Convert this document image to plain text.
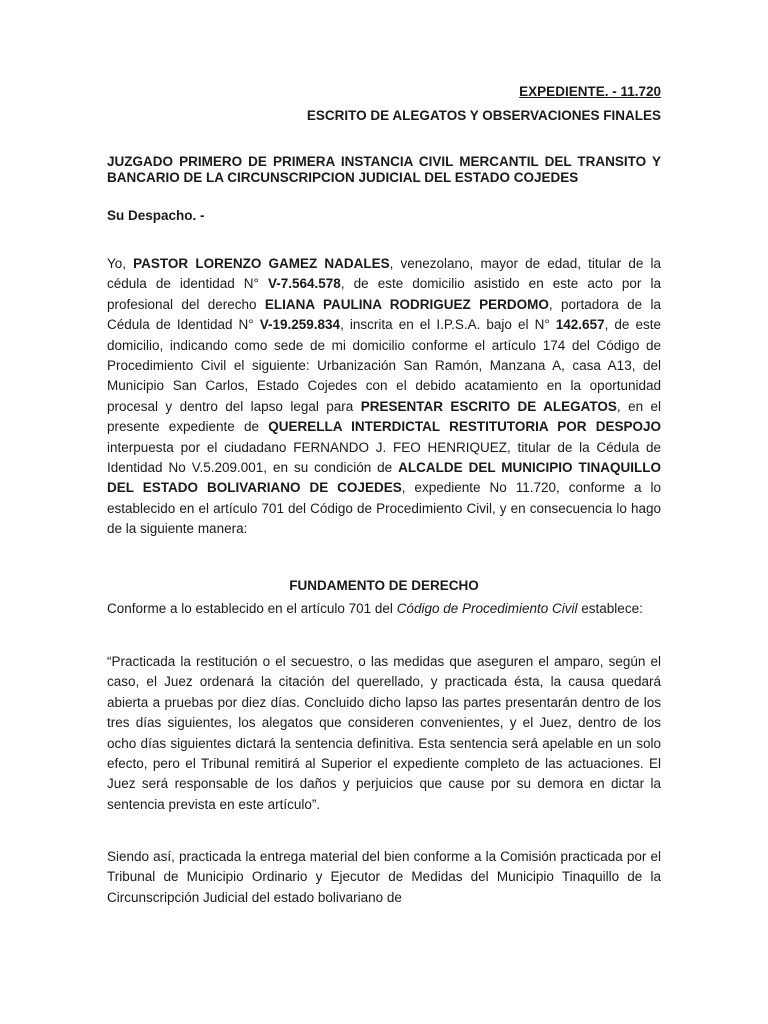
EXPEDIENTE. - 11.720
ESCRITO DE ALEGATOS Y OBSERVACIONES FINALES
JUZGADO PRIMERO DE PRIMERA INSTANCIA CIVIL MERCANTIL DEL TRANSITO Y BANCARIO DE LA CIRCUNSCRIPCION JUDICIAL DEL ESTADO COJEDES
Su Despacho. -
Yo, PASTOR LORENZO GAMEZ NADALES, venezolano, mayor de edad, titular de la cédula de identidad N° V-7.564.578, de este domicilio asistido en este acto por la profesional del derecho ELIANA PAULINA RODRIGUEZ PERDOMO, portadora de la Cédula de Identidad N° V-19.259.834, inscrita en el I.P.S.A. bajo el N° 142.657, de este domicilio, indicando como sede de mi domicilio conforme el artículo 174 del Código de Procedimiento Civil el siguiente: Urbanización San Ramón, Manzana A, casa A13, del Municipio San Carlos, Estado Cojedes con el debido acatamiento en la oportunidad procesal y dentro del lapso legal para PRESENTAR ESCRITO DE ALEGATOS, en el presente expediente de QUERELLA INTERDICTAL RESTITUTORIA POR DESPOJO interpuesta por el ciudadano FERNANDO J. FEO HENRIQUEZ, titular de la Cédula de Identidad No V.5.209.001, en su condición de ALCALDE DEL MUNICIPIO TINAQUILLO DEL ESTADO BOLIVARIANO DE COJEDES, expediente No 11.720, conforme a lo establecido en el artículo 701 del Código de Procedimiento Civil, y en consecuencia lo hago de la siguiente manera:
FUNDAMENTO DE DERECHO
Conforme a lo establecido en el artículo 701 del Código de Procedimiento Civil establece:
“Practicada la restitución o el secuestro, o las medidas que aseguren el amparo, según el caso, el Juez ordenará la citación del querellado, y practicada ésta, la causa quedará abierta a pruebas por diez días. Concluido dicho lapso las partes presentarán dentro de los tres días siguientes, los alegatos que consideren convenientes, y el Juez, dentro de los ocho días siguientes dictará la sentencia definitiva. Esta sentencia será apelable en un solo efecto, pero el Tribunal remitirá al Superior el expediente completo de las actuaciones. El Juez será responsable de los daños y perjuicios que cause por su demora en dictar la sentencia prevista en este artículo”.
Siendo así, practicada la entrega material del bien conforme a la Comisión practicada por el Tribunal de Municipio Ordinario y Ejecutor de Medidas del Municipio Tinaquillo de la Circunscripción Judicial del estado bolivariano de
